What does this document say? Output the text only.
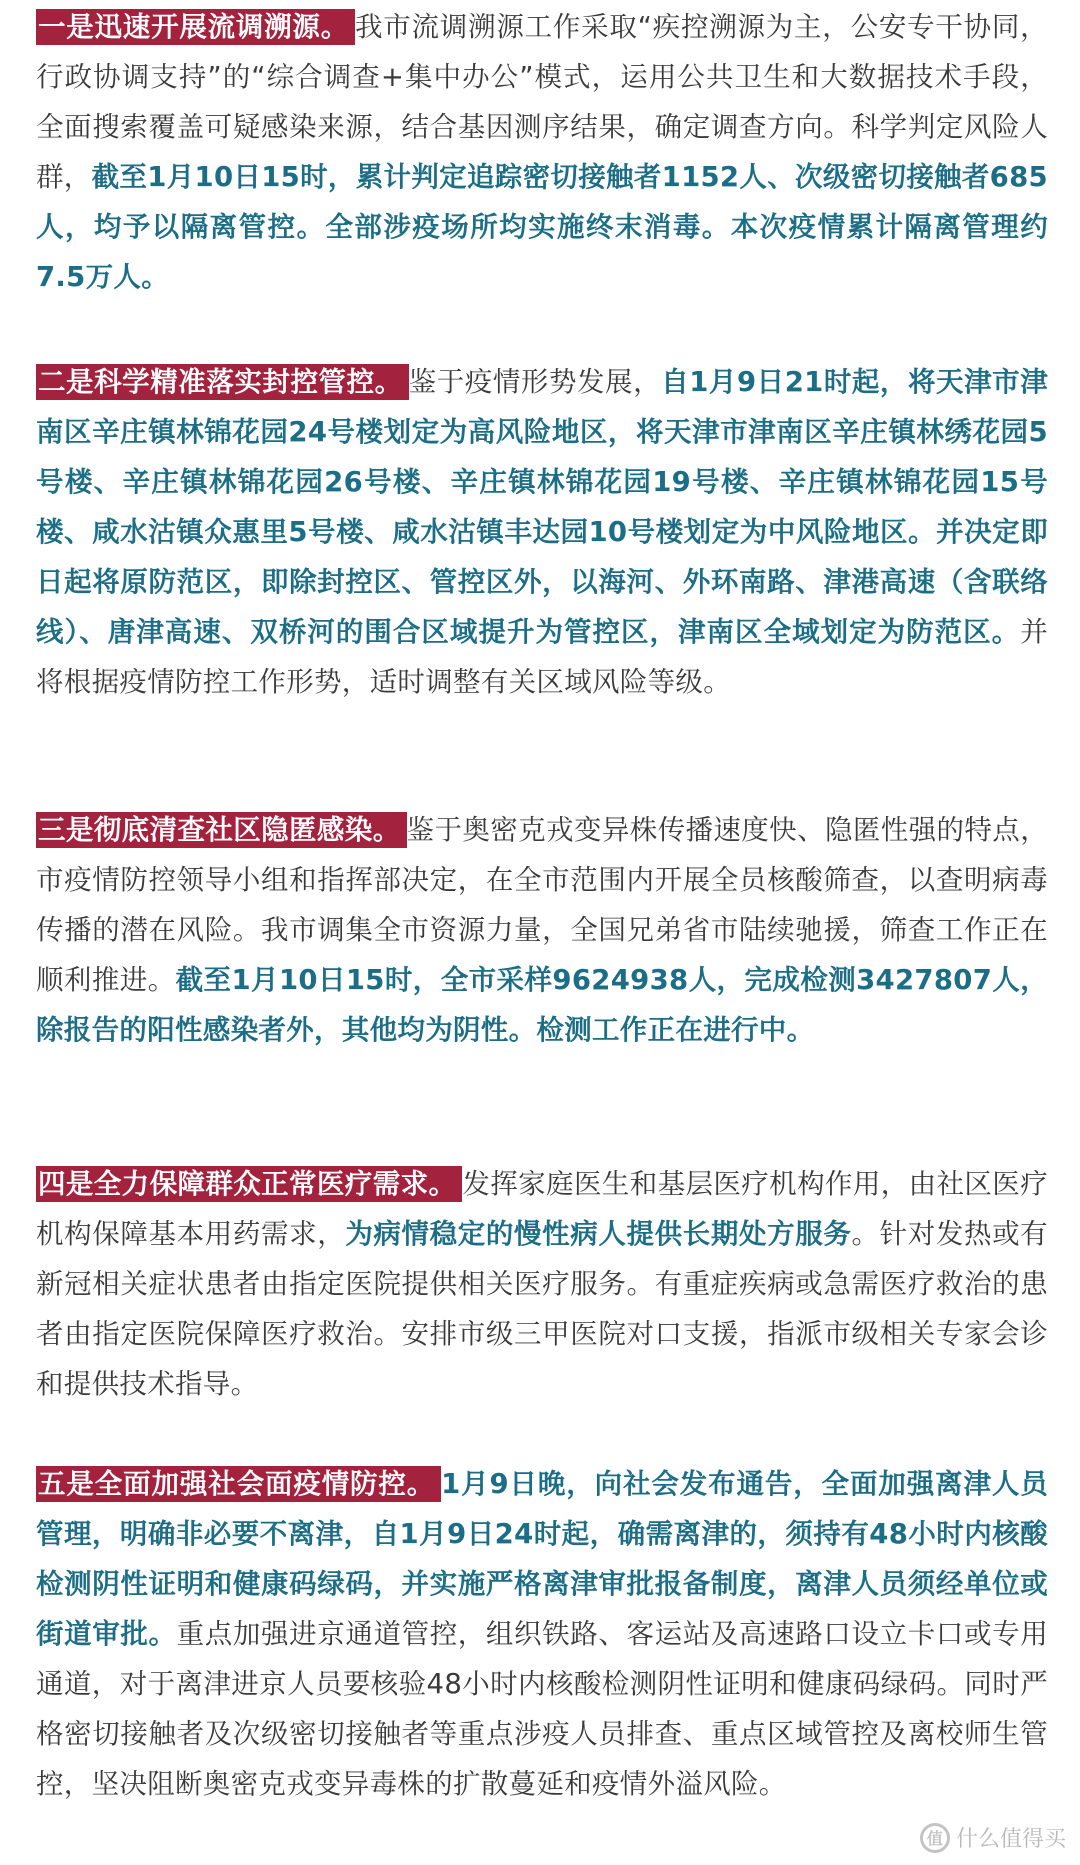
一是迅速开展流调溯源。 我市流调溯源工作采取“疾控溯源为主，公安专干协同，行政协调支持”的“综合调查+集中办公”模式，运用公共卫生和大数据技术手段，全面搜索覆盖可疑感染来源，结合基因测序结果，确定调查方向。科学判定风险人群，截至1月10日15时，累计判定追踪密切接触者1152人、次级密切接触者685人，均予以隔离管控。全部涉疫场所均实施终末消毒。本次疫情累计隔离管理约7.5万人。

二是科学精准落实封控管控。 鉴于疫情形势发展，自1月9日21时起，将天津市津南区辛庄镇林锦花园24号楼划定为高风险地区，将天津市津南区辛庄镇林绣花园5号楼、辛庄镇林锦花园26号楼、辛庄镇林锦花园19号楼、辛庄镇林锦花园15号楼、咸水沽镇众惠里5号楼、咸水沽镇丰达园10号楼划定为中风险地区。并决定即日起将原防范区，即除封控区、管控区外，以海河、外环南路、津港高速（含联络线）、唐津高速、双桥河的围合区域提升为管控区，津南区全域划定为防范区。并将根据疫情防控工作形势，适时调整有关区域风险等级。

三是彻底清查社区隐匿感染。 鉴于奥密克戎变异株传播速度快、隐匿性强的特点，市疫情防控领导小组和指挥部决定，在全市范围内开展全员核酸筛查，以查明病毒传播的潜在风险。我市调集全市资源力量，全国兄弟省市陆续驰援，筛查工作正在顺利推进。截至1月10日15时，全市采样9624938人，完成检测3427807人，除报告的阳性感染者外，其他均为阴性。检测工作正在进行中。

四是全力保障群众正常医疗需求。 发挥家庭医生和基层医疗机构作用，由社区医疗机构保障基本用药需求，为病情稳定的慢性病人提供长期处方服务。针对发热或有新冠相关症状患者由指定医院提供相关医疗服务。有重症疾病或急需医疗救治的患者由指定医院保障医疗救治。安排市级三甲医院对口支援，指派市级相关专家会诊和提供技术指导。

五是全面加强社会面疫情防控。 1月9日晚，向社会发布通告，全面加强离津人员管理，明确非必要不离津，自1月9日24时起，确需离津的，须持有48小时内核酸检测阴性证明和健康码绿码，并实施严格离津审批报备制度，离津人员须经单位或街道审批。重点加强进京通道管控，组织铁路、客运站及高速路口设立卡口或专用通道，对于离津进京人员要核验48小时内核酸检测阴性证明和健康码绿码。同时严格密切接触者及次级密切接触者等重点涉疫人员排查、重点区域管控及离校师生管控，坚决阻断奥密克戎变异毒株的扩散蔓延和疫情外溢风险。

值 什么值得买
